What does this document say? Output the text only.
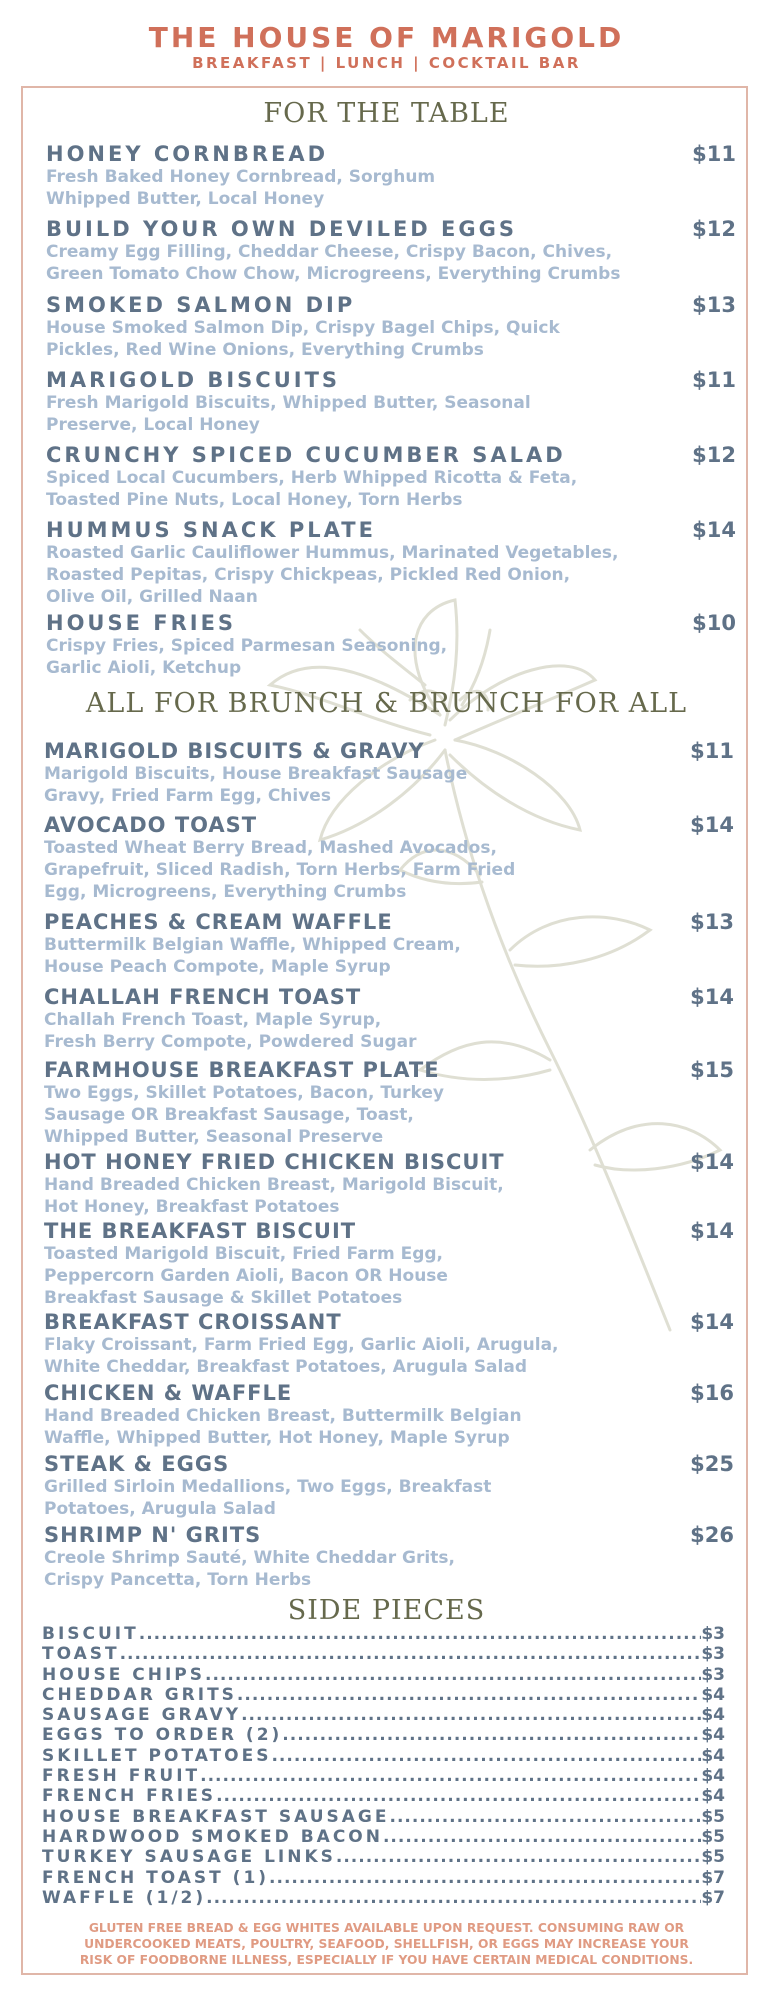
THE HOUSE OF MARIGOLD
BREAKFAST | LUNCH | COCKTAIL BAR
FOR THE TABLE
HONEY CORNBREAD	$11
Fresh Baked Honey Cornbread, Sorghum
Whipped Butter, Local Honey
BUILD YOUR OWN DEVILED EGGS	$12
Creamy Egg Filling, Cheddar Cheese, Crispy Bacon, Chives,
Green Tomato Chow Chow, Microgreens, Everything Crumbs
SMOKED SALMON DIP	$13
House Smoked Salmon Dip, Crispy Bagel Chips, Quick
Pickles, Red Wine Onions, Everything Crumbs
MARIGOLD BISCUITS	$11
Fresh Marigold Biscuits, Whipped Butter, Seasonal
Preserve, Local Honey
CRUNCHY SPICED CUCUMBER SALAD	$12
Spiced Local Cucumbers, Herb Whipped Ricotta & Feta,
Toasted Pine Nuts, Local Honey, Torn Herbs
HUMMUS SNACK PLATE	$14
Roasted Garlic Cauliflower Hummus, Marinated Vegetables,
Roasted Pepitas, Crispy Chickpeas, Pickled Red Onion,
Olive Oil, Grilled Naan
HOUSE FRIES	$10
Crispy Fries, Spiced Parmesan Seasoning,
Garlic Aioli, Ketchup
ALL FOR BRUNCH & BRUNCH FOR ALL
MARIGOLD BISCUITS & GRAVY	$11
Marigold Biscuits, House Breakfast Sausage
Gravy, Fried Farm Egg, Chives
AVOCADO TOAST	$14
Toasted Wheat Berry Bread, Mashed Avocados,
Grapefruit, Sliced Radish, Torn Herbs, Farm Fried
Egg, Microgreens, Everything Crumbs
PEACHES & CREAM WAFFLE	$13
Buttermilk Belgian Waffle, Whipped Cream,
House Peach Compote, Maple Syrup
CHALLAH FRENCH TOAST	$14
Challah French Toast, Maple Syrup,
Fresh Berry Compote, Powdered Sugar
FARMHOUSE BREAKFAST PLATE	$15
Two Eggs, Skillet Potatoes, Bacon, Turkey
Sausage OR Breakfast Sausage, Toast,
Whipped Butter, Seasonal Preserve
HOT HONEY FRIED CHICKEN BISCUIT	$14
Hand Breaded Chicken Breast, Marigold Biscuit,
Hot Honey, Breakfast Potatoes
THE BREAKFAST BISCUIT	$14
Toasted Marigold Biscuit, Fried Farm Egg,
Peppercorn Garden Aioli, Bacon OR House
Breakfast Sausage & Skillet Potatoes
BREAKFAST CROISSANT	$14
Flaky Croissant, Farm Fried Egg, Garlic Aioli, Arugula,
White Cheddar, Breakfast Potatoes, Arugula Salad
CHICKEN & WAFFLE	$16
Hand Breaded Chicken Breast, Buttermilk Belgian
Waffle, Whipped Butter, Hot Honey, Maple Syrup
STEAK & EGGS	$25
Grilled Sirloin Medallions, Two Eggs, Breakfast
Potatoes, Arugula Salad
SHRIMP N' GRITS	$26
Creole Shrimp Sauté, White Cheddar Grits,
Crispy Pancetta, Torn Herbs
SIDE PIECES
BISCUIT .....	$3
TOAST .....	$3
HOUSE CHIPS .....	$3
CHEDDAR GRITS .....	$4
SAUSAGE GRAVY .....	$4
EGGS TO ORDER (2) .....	$4
SKILLET POTATOES .....	$4
FRESH FRUIT .....	$4
FRENCH FRIES .....	$4
HOUSE BREAKFAST SAUSAGE .....	$5
HARDWOOD SMOKED BACON .....	$5
TURKEY SAUSAGE LINKS .....	$5
FRENCH TOAST (1) .....	$7
WAFFLE (1/2) .....	$7
GLUTEN FREE BREAD & EGG WHITES AVAILABLE UPON REQUEST. CONSUMING RAW OR
UNDERCOOKED MEATS, POULTRY, SEAFOOD, SHELLFISH, OR EGGS MAY INCREASE YOUR
RISK OF FOODBORNE ILLNESS, ESPECIALLY IF YOU HAVE CERTAIN MEDICAL CONDITIONS.
